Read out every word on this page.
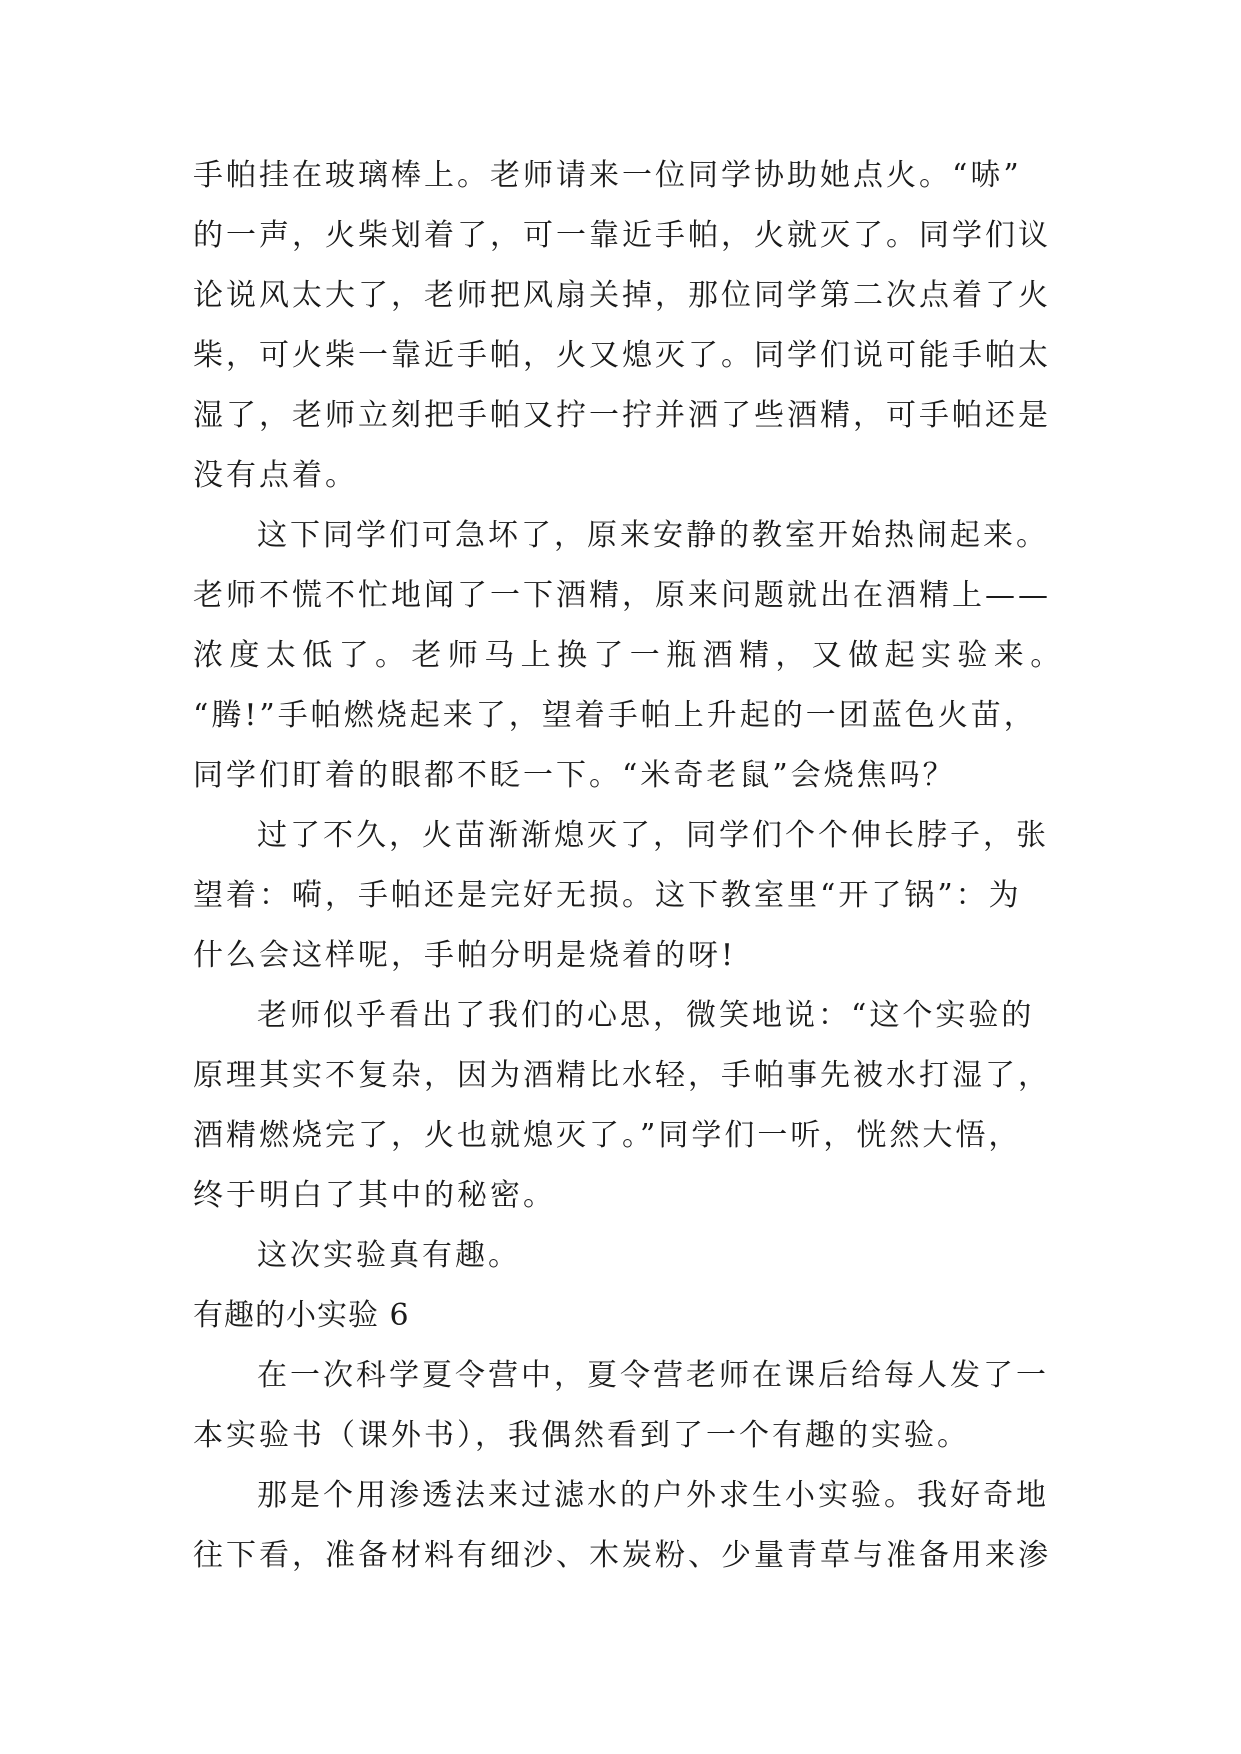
手帕挂在玻璃棒上。老师请来一位同学协助她点火。“哧”
的一声，火柴划着了，可一靠近手帕，火就灭了。同学们议
论说风太大了，老师把风扇关掉，那位同学第二次点着了火
柴，可火柴一靠近手帕，火又熄灭了。同学们说可能手帕太
湿了，老师立刻把手帕又拧一拧并洒了些酒精，可手帕还是
没有点着。
这下同学们可急坏了，原来安静的教室开始热闹起来。
老师不慌不忙地闻了一下酒精，原来问题就出在酒精上——
浓度太低了。老师马上换了一瓶酒精，又做起实验来。
“腾!”手帕燃烧起来了，望着手帕上升起的一团蓝色火苗，
同学们盯着的眼都不眨一下。“米奇老鼠”会烧焦吗？
过了不久，火苗渐渐熄灭了，同学们个个伸长脖子，张
望着：嗬，手帕还是完好无损。这下教室里“开了锅”：为
什么会这样呢，手帕分明是烧着的呀!
老师似乎看出了我们的心思，微笑地说：“这个实验的
原理其实不复杂，因为酒精比水轻，手帕事先被水打湿了，
酒精燃烧完了，火也就熄灭了。”同学们一听，恍然大悟，
终于明白了其中的秘密。
这次实验真有趣。
有趣的小实验 6
在一次科学夏令营中，夏令营老师在课后给每人发了一
本实验书（课外书），我偶然看到了一个有趣的实验。
那是个用渗透法来过滤水的户外求生小实验。我好奇地
往下看，准备材料有细沙、木炭粉、少量青草与准备用来渗
